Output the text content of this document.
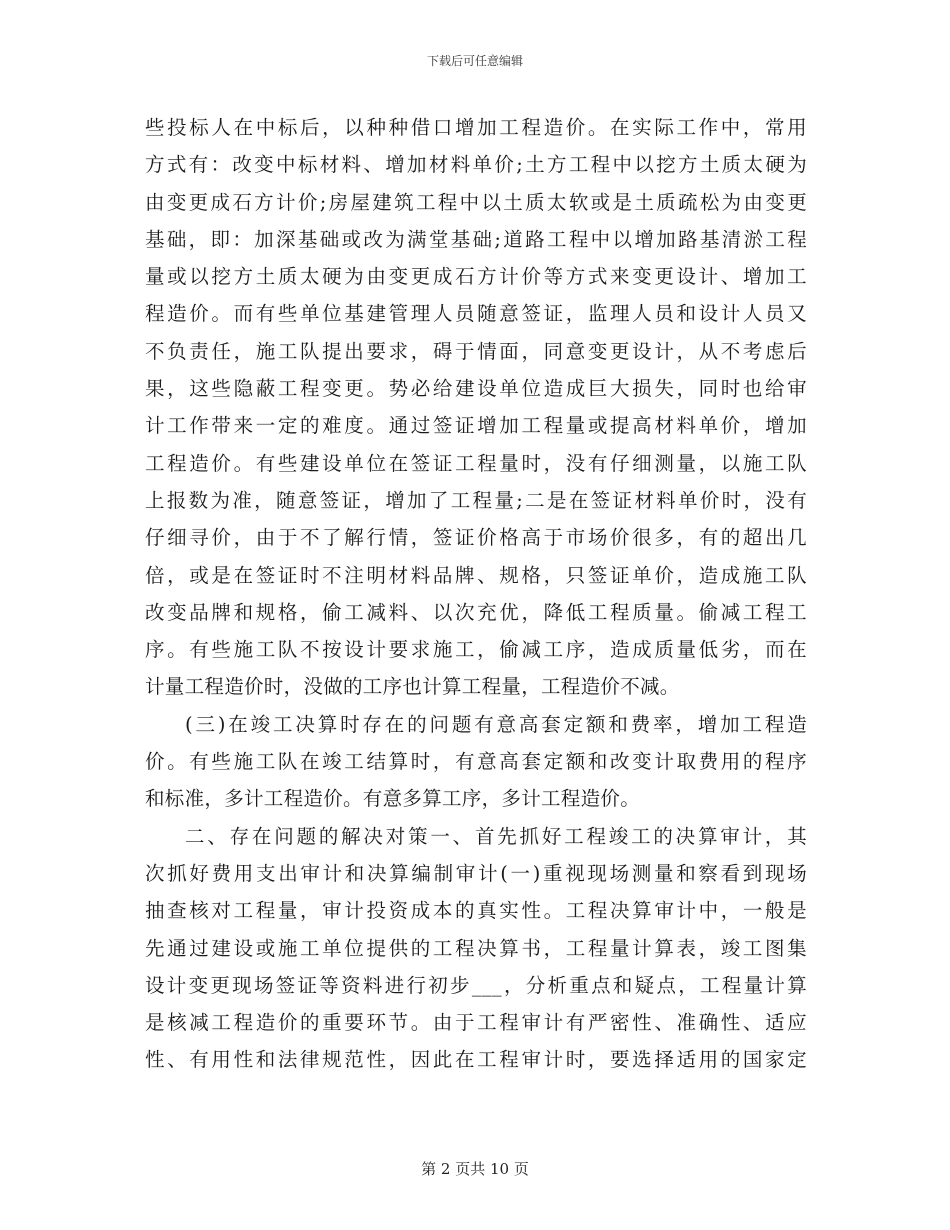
下载后可任意编辑
些投标人在中标后，以种种借口增加工程造价。在实际工作中，常用
方式有：改变中标材料、增加材料单价;土方工程中以挖方土质太硬为
由变更成石方计价;房屋建筑工程中以土质太软或是土质疏松为由变更
基础，即：加深基础或改为满堂基础;道路工程中以增加路基清淤工程
量或以挖方土质太硬为由变更成石方计价等方式来变更设计、增加工
程造价。而有些单位基建管理人员随意签证，监理人员和设计人员又
不负责任，施工队提出要求，碍于情面，同意变更设计，从不考虑后
果，这些隐蔽工程变更。势必给建设单位造成巨大损失，同时也给审
计工作带来一定的难度。通过签证增加工程量或提高材料单价，增加
工程造价。有些建设单位在签证工程量时，没有仔细测量，以施工队
上报数为准，随意签证，增加了工程量;二是在签证材料单价时，没有
仔细寻价，由于不了解行情，签证价格高于市场价很多，有的超出几
倍，或是在签证时不注明材料品牌、规格，只签证单价，造成施工队
改变品牌和规格，偷工减料、以次充优，降低工程质量。偷减工程工
序。有些施工队不按设计要求施工，偷减工序，造成质量低劣，而在
计量工程造价时，没做的工序也计算工程量，工程造价不减。
(三)在竣工决算时存在的问题有意高套定额和费率，增加工程造
价。有些施工队在竣工结算时，有意高套定额和改变计取费用的程序
和标准，多计工程造价。有意多算工序，多计工程造价。
二、存在问题的解决对策一、首先抓好工程竣工的决算审计，其
次抓好费用支出审计和决算编制审计(一)重视现场测量和察看到现场
抽查核对工程量，审计投资成本的真实性。工程决算审计中，一般是
先通过建设或施工单位提供的工程决算书，工程量计算表，竣工图集
设计变更现场签证等资料进行初步___，分析重点和疑点，工程量计算
是核减工程造价的重要环节。由于工程审计有严密性、准确性、适应
性、有用性和法律规范性，因此在工程审计时，要选择适用的国家定
第 2 页共 10 页
